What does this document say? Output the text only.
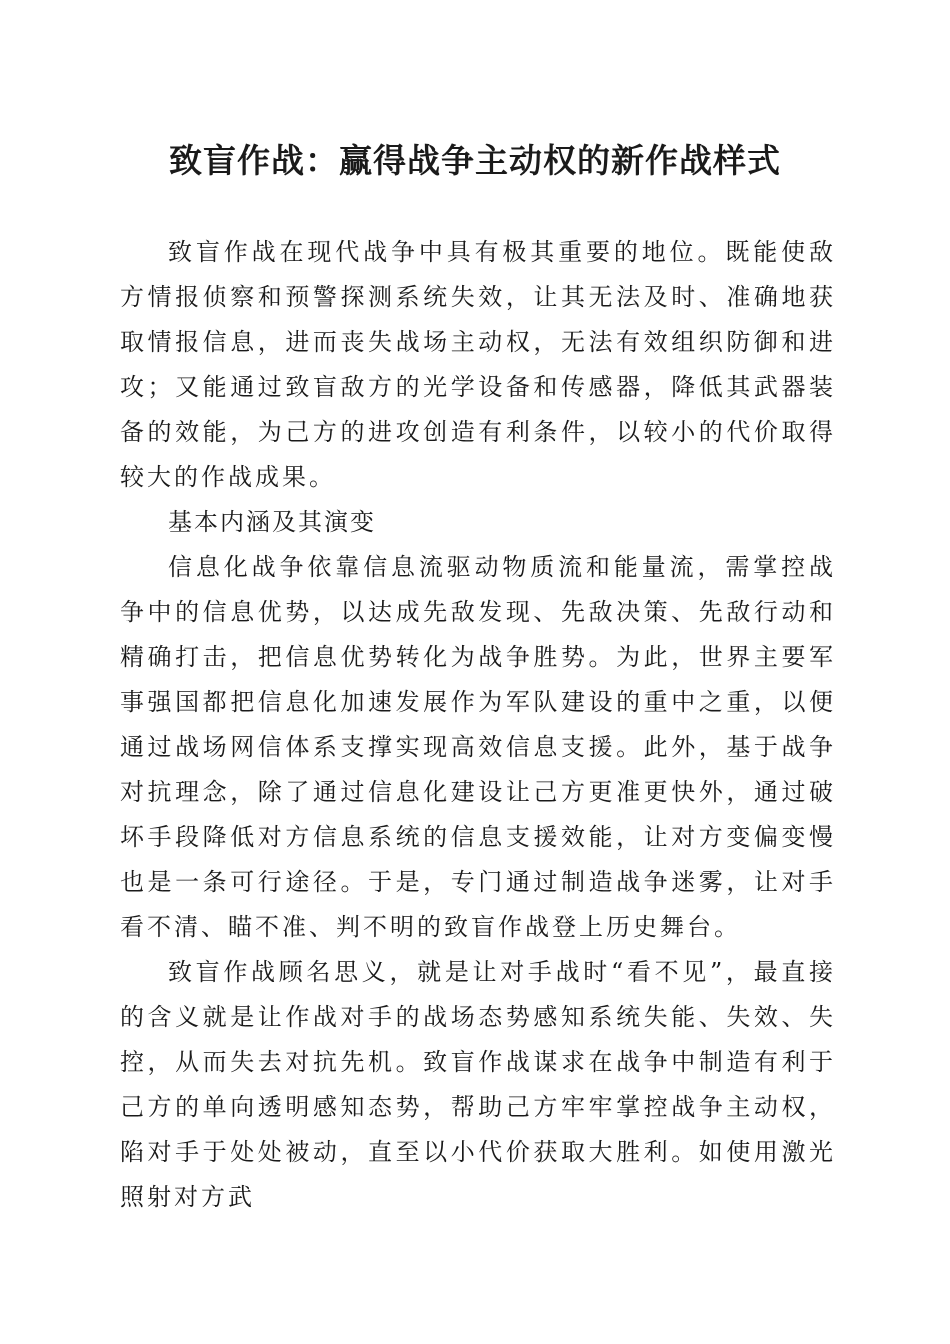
致盲作战：赢得战争主动权的新作战样式

致盲作战在现代战争中具有极其重要的地位。既能使敌方情报侦察和预警探测系统失效，让其无法及时、准确地获取情报信息，进而丧失战场主动权，无法有效组织防御和进攻；又能通过致盲敌方的光学设备和传感器，降低其武器装备的效能，为己方的进攻创造有利条件，以较小的代价取得较大的作战成果。

基本内涵及其演变

信息化战争依靠信息流驱动物质流和能量流，需掌控战争中的信息优势，以达成先敌发现、先敌决策、先敌行动和精确打击，把信息优势转化为战争胜势。为此，世界主要军事强国都把信息化加速发展作为军队建设的重中之重，以便通过战场网信体系支撑实现高效信息支援。此外，基于战争对抗理念，除了通过信息化建设让己方更准更快外，通过破坏手段降低对方信息系统的信息支援效能，让对方变偏变慢也是一条可行途径。于是，专门通过制造战争迷雾，让对手看不清、瞄不准、判不明的致盲作战登上历史舞台。

致盲作战顾名思义，就是让对手战时“看不见”，最直接的含义就是让作战对手的战场态势感知系统失能、失效、失控，从而失去对抗先机。致盲作战谋求在战争中制造有利于己方的单向透明感知态势，帮助己方牢牢掌控战争主动权，陷对手于处处被动，直至以小代价获取大胜利。如使用激光照射对方武
